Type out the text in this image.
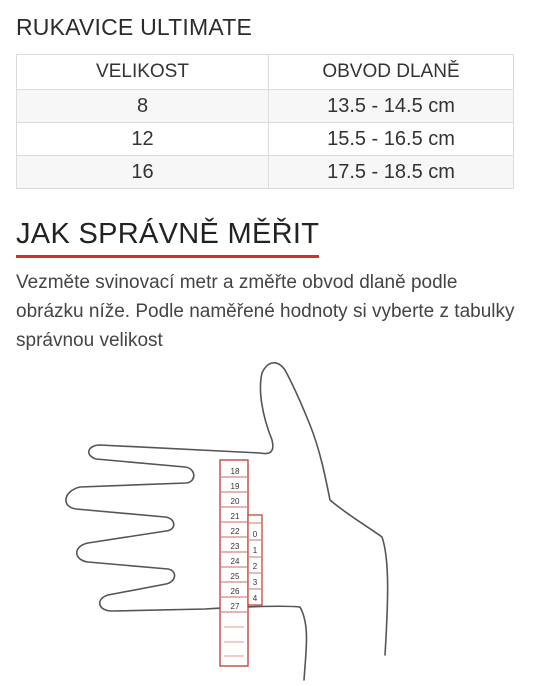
RUKAVICE ULTIMATE
VELIKOST	OBVOD DLANĚ
8	13.5 - 14.5 cm
12	15.5 - 16.5 cm
16	17.5 - 18.5 cm
JAK SPRÁVNĚ MĚŘIT
Vezměte svinovací metr a změřte obvod dlaně podle obrázku níže. Podle naměřené hodnoty si vyberte z tabulky správnou velikost
18
19
20
21
22
23
24
25
26
27
0
1
2
3
4
